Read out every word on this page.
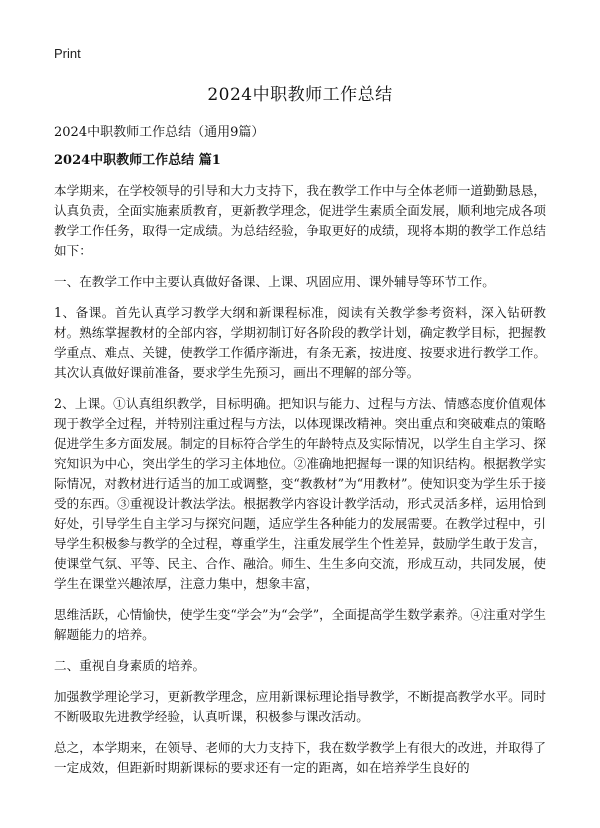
Print
2024中职教师工作总结
2024中职教师工作总结（通用9篇）
2024中职教师工作总结 篇1

本学期来，在学校领导的引导和大力支持下，我在教学工作中与全体老师一道勤勤恳恳，认真负责，全面实施素质教育，更新教学理念，促进学生素质全面发展，顺利地完成各项教学工作任务，取得一定成绩。为总结经验，争取更好的成绩，现将本期的教学工作总结如下：

一、在教学工作中主要认真做好备课、上课、巩固应用、课外辅导等环节工作。

1、备课。首先认真学习教学大纲和新课程标准，阅读有关教学参考资料，深入钻研教材。熟练掌握教材的全部内容，学期初制订好各阶段的教学计划，确定教学目标，把握教学重点、难点、关键，使教学工作循序渐进，有条无紊，按进度、按要求进行教学工作。其次认真做好课前准备，要求学生先预习，画出不理解的部分等。

2、上课。①认真组织教学，目标明确。把知识与能力、过程与方法、情感态度价值观体现于教学全过程，并特别注重过程与方法，以体现课改精神。突出重点和突破难点的策略促进学生多方面发展。制定的目标符合学生的年龄特点及实际情况，以学生自主学习、探究知识为中心，突出学生的学习主体地位。②准确地把握每一课的知识结构。根据教学实际情况，对教材进行适当的加工或调整，变“教教材”为“用教材”。使知识变为学生乐于接受的东西。③重视设计教法学法。根据教学内容设计教学活动，形式灵活多样，运用恰到好处，引导学生自主学习与探究问题，适应学生各种能力的发展需要。在教学过程中，引导学生积极参与教学的全过程，尊重学生，注重发展学生个性差异，鼓励学生敢于发言，使课堂气氛、平等、民主、合作、融洽。师生、生生多向交流，形成互动，共同发展，使学生在课堂兴趣浓厚，注意力集中，想象丰富，

思维活跃，心情愉快，使学生变“学会”为“会学”，全面提高学生数学素养。④注重对学生解题能力的培养。

二、重视自身素质的培养。

加强教学理论学习，更新教学理念，应用新课标理论指导教学，不断提高教学水平。同时不断吸取先进教学经验，认真听课，积极参与课改活动。

总之，本学期来，在领导、老师的大力支持下，我在数学教学上有很大的改进，并取得了一定成效，但距新时期新课标的要求还有一定的距离，如在培养学生良好的
